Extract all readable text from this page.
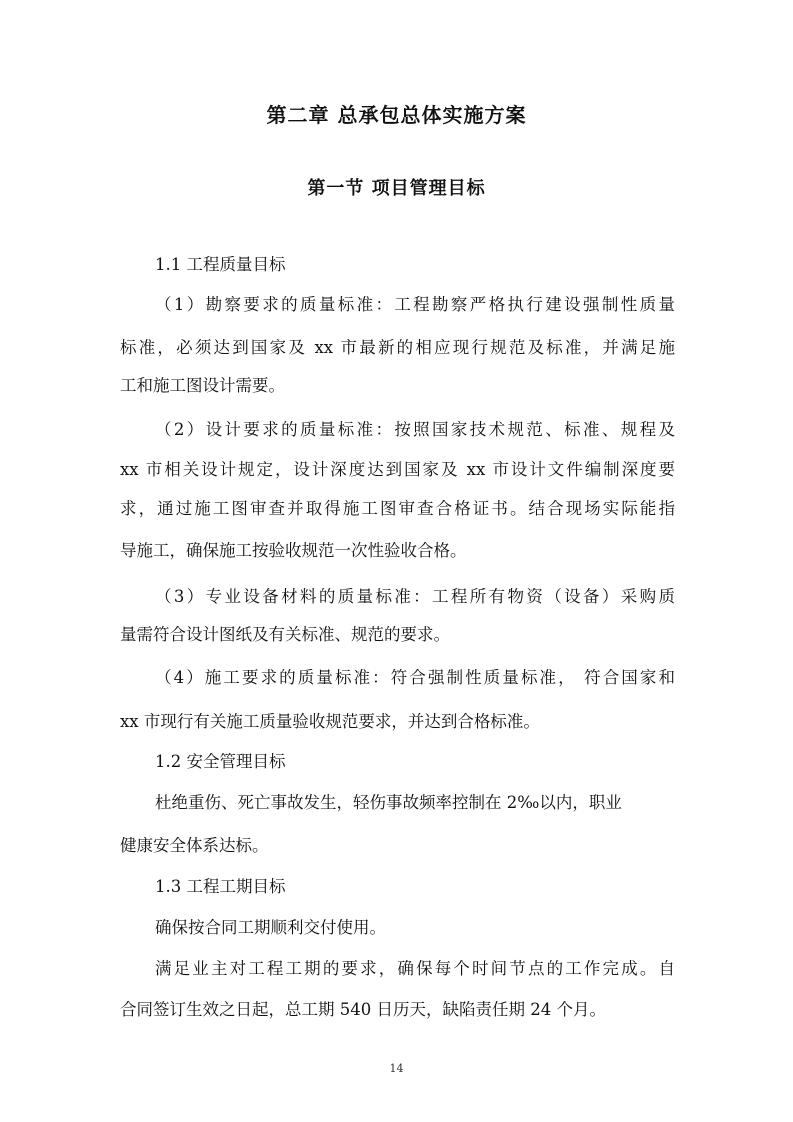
第二章 总承包总体实施方案
第一节 项目管理目标
1.1 工程质量目标
（1）勘察要求的质量标准：工程勘察严格执行建设强制性质量
标准，必须达到国家及 xx 市最新的相应现行规范及标准，并满足施
工和施工图设计需要。
（2）设计要求的质量标准：按照国家技术规范、标准、规程及
xx 市相关设计规定，设计深度达到国家及 xx 市设计文件编制深度要
求，通过施工图审查并取得施工图审查合格证书。结合现场实际能指
导施工，确保施工按验收规范一次性验收合格。
（3）专业设备材料的质量标准：工程所有物资（设备）采购质
量需符合设计图纸及有关标准、规范的要求。
（4）施工要求的质量标准：符合强制性质量标准， 符合国家和
xx 市现行有关施工质量验收规范要求，并达到合格标准。
1.2 安全管理目标
杜绝重伤、死亡事故发生，轻伤事故频率控制在 2‰以内，职业
健康安全体系达标。
1.3 工程工期目标
确保按合同工期顺利交付使用。
满足业主对工程工期的要求，确保每个时间节点的工作完成。自
合同签订生效之日起，总工期 540 日历天，缺陷责任期 24 个月。
14
